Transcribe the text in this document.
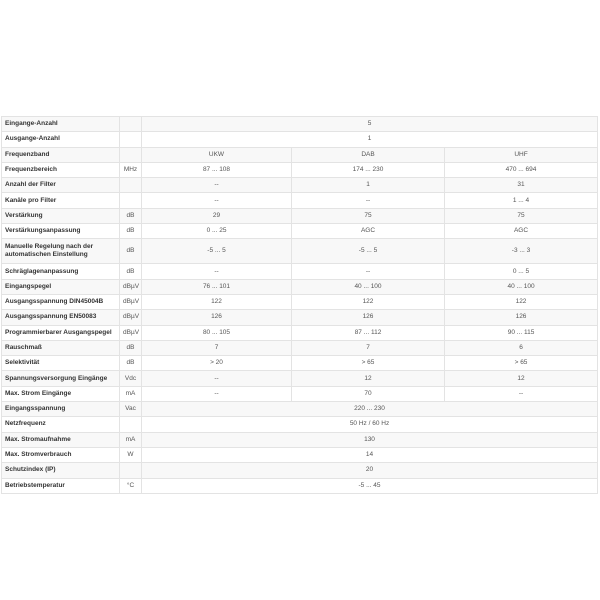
Eingange-Anzahl		5		
Ausgange-Anzahl		1		
Frequenzband		UKW	DAB	UHF
Frequenzbereich	MHz	87 ... 108	174 ... 230	470 ... 694
Anzahl der Filter		--	1	31
Kanäle pro Filter		--	--	1 ... 4
Verstärkung	dB	29	75	75
Verstärkungsanpassung	dB	0 ... 25	AGC	AGC
Manuelle Regelung nach der automatischen Einstellung	dB	-5 ... 5	-5 ... 5	-3 ... 3
Schräglagenanpassung	dB	--	--	0 ... 5
Eingangspegel	dBµV	76 ... 101	40 ... 100	40 ... 100
Ausgangsspannung DIN45004B	dBµV	122	122	122
Ausgangsspannung EN50083	dBµV	126	126	126
Programmierbarer Ausgangspegel	dBµV	80 ... 105	87 ... 112	90 ... 115
Rauschmaß	dB	7	7	6
Selektivität	dB	> 20	> 65	> 65
Spannungsversorgung Eingänge	Vdc	--	12	12
Max. Strom Eingänge	mA	--	70	--
Eingangsspannung	Vac	220 ... 230		
Netzfrequenz		50 Hz / 60 Hz		
Max. Stromaufnahme	mA	130		
Max. Stromverbrauch	W	14		
Schutzindex (IP)		20		
Betriebstemperatur	°C	-5 ... 45		
